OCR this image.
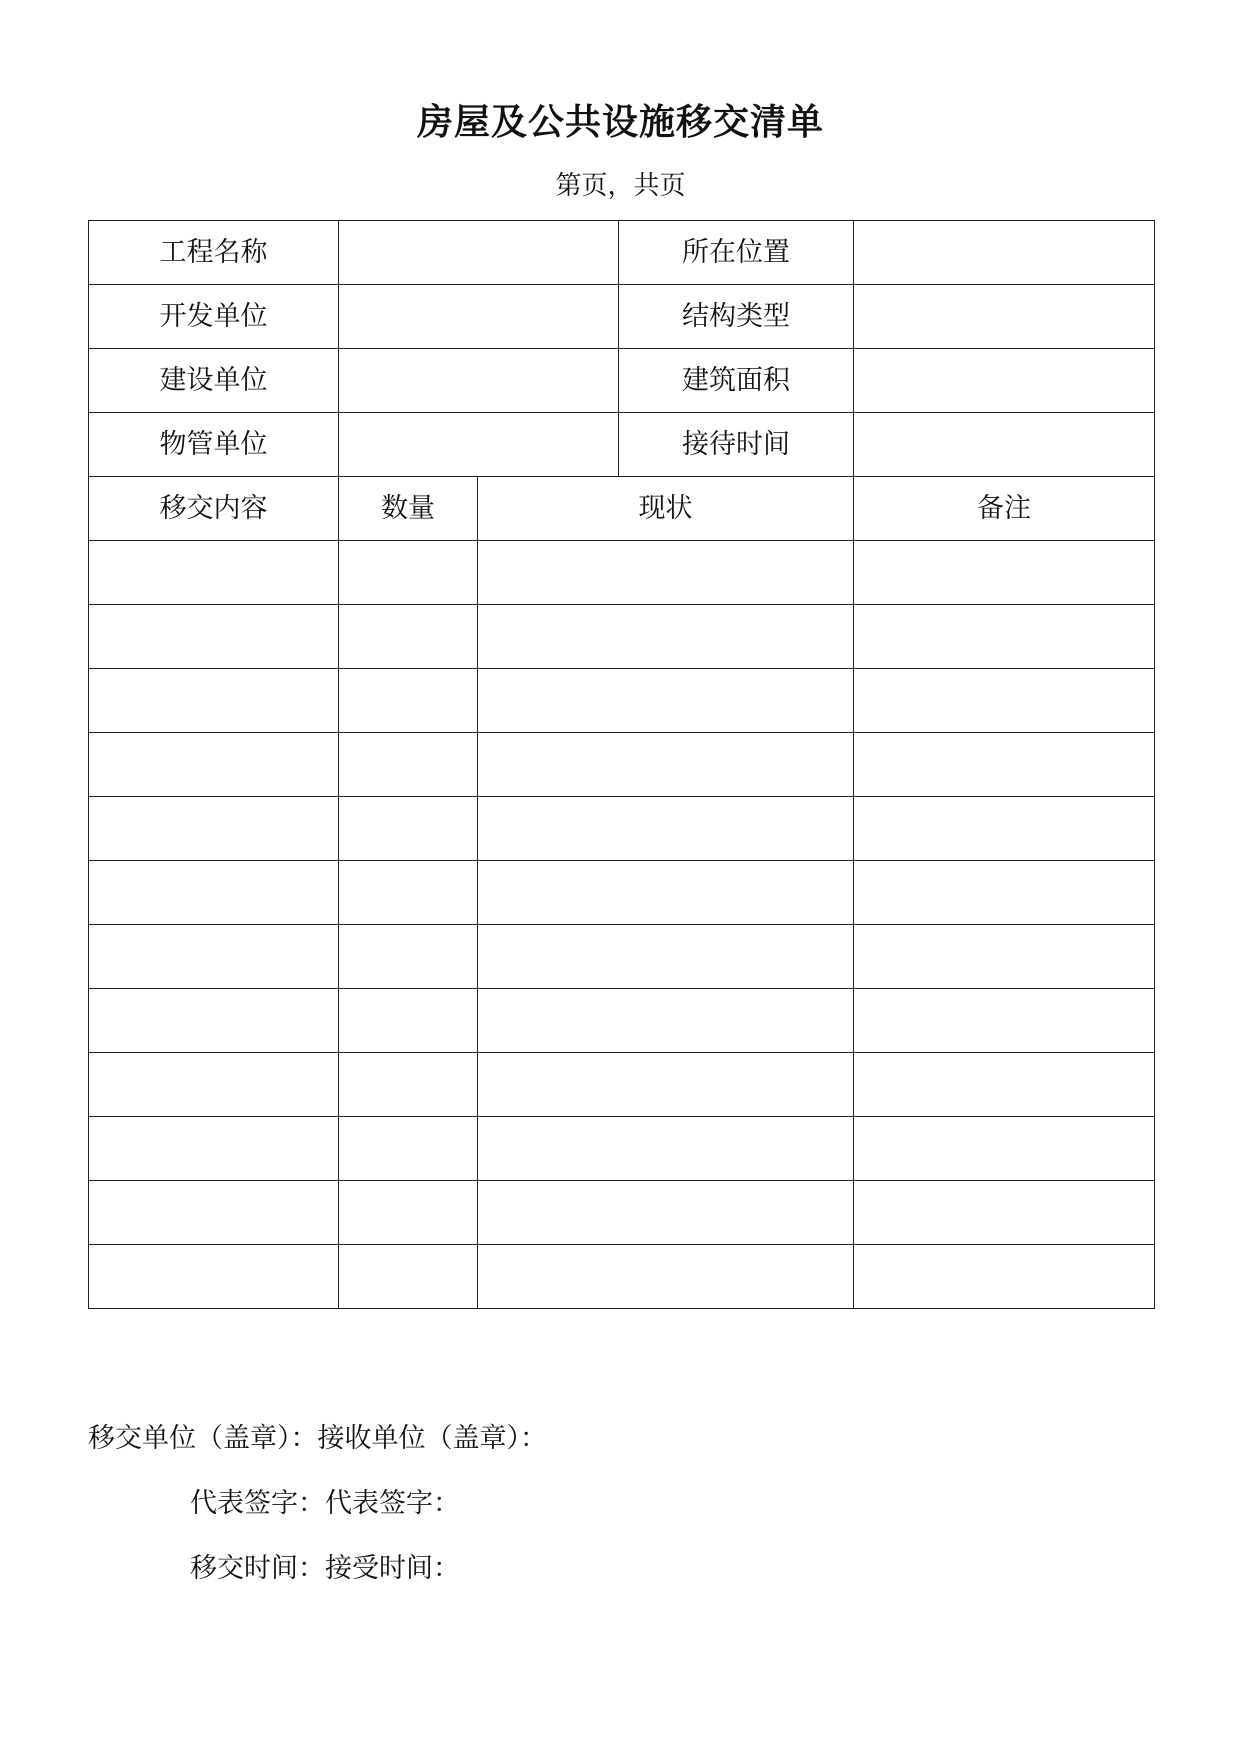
房屋及公共设施移交清单
第页，共页
工程名称			所在位置	
开发单位			结构类型	
建设单位			建筑面积	
物管单位			接待时间	
移交内容	数量	现状		备注

移交单位（盖章）：接收单位（盖章）：
代表签字：代表签字：
移交时间：接受时间：
